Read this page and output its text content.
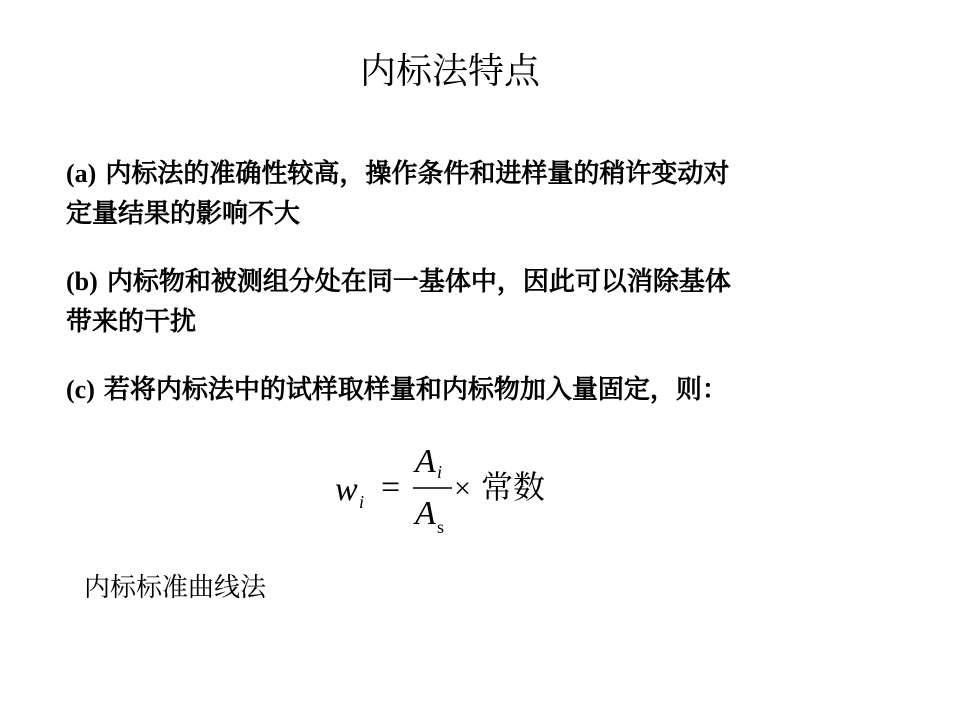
内标法特点
(a) 内标法的准确性较高，操作条件和进样量的稍许变动对
定量结果的影响不大
(b) 内标物和被测组分处在同一基体中，因此可以消除基体
带来的干扰
(c) 若将内标法中的试样取样量和内标物加入量固定，则：
w i =
A i
A s
× 常数
内标标准曲线法
